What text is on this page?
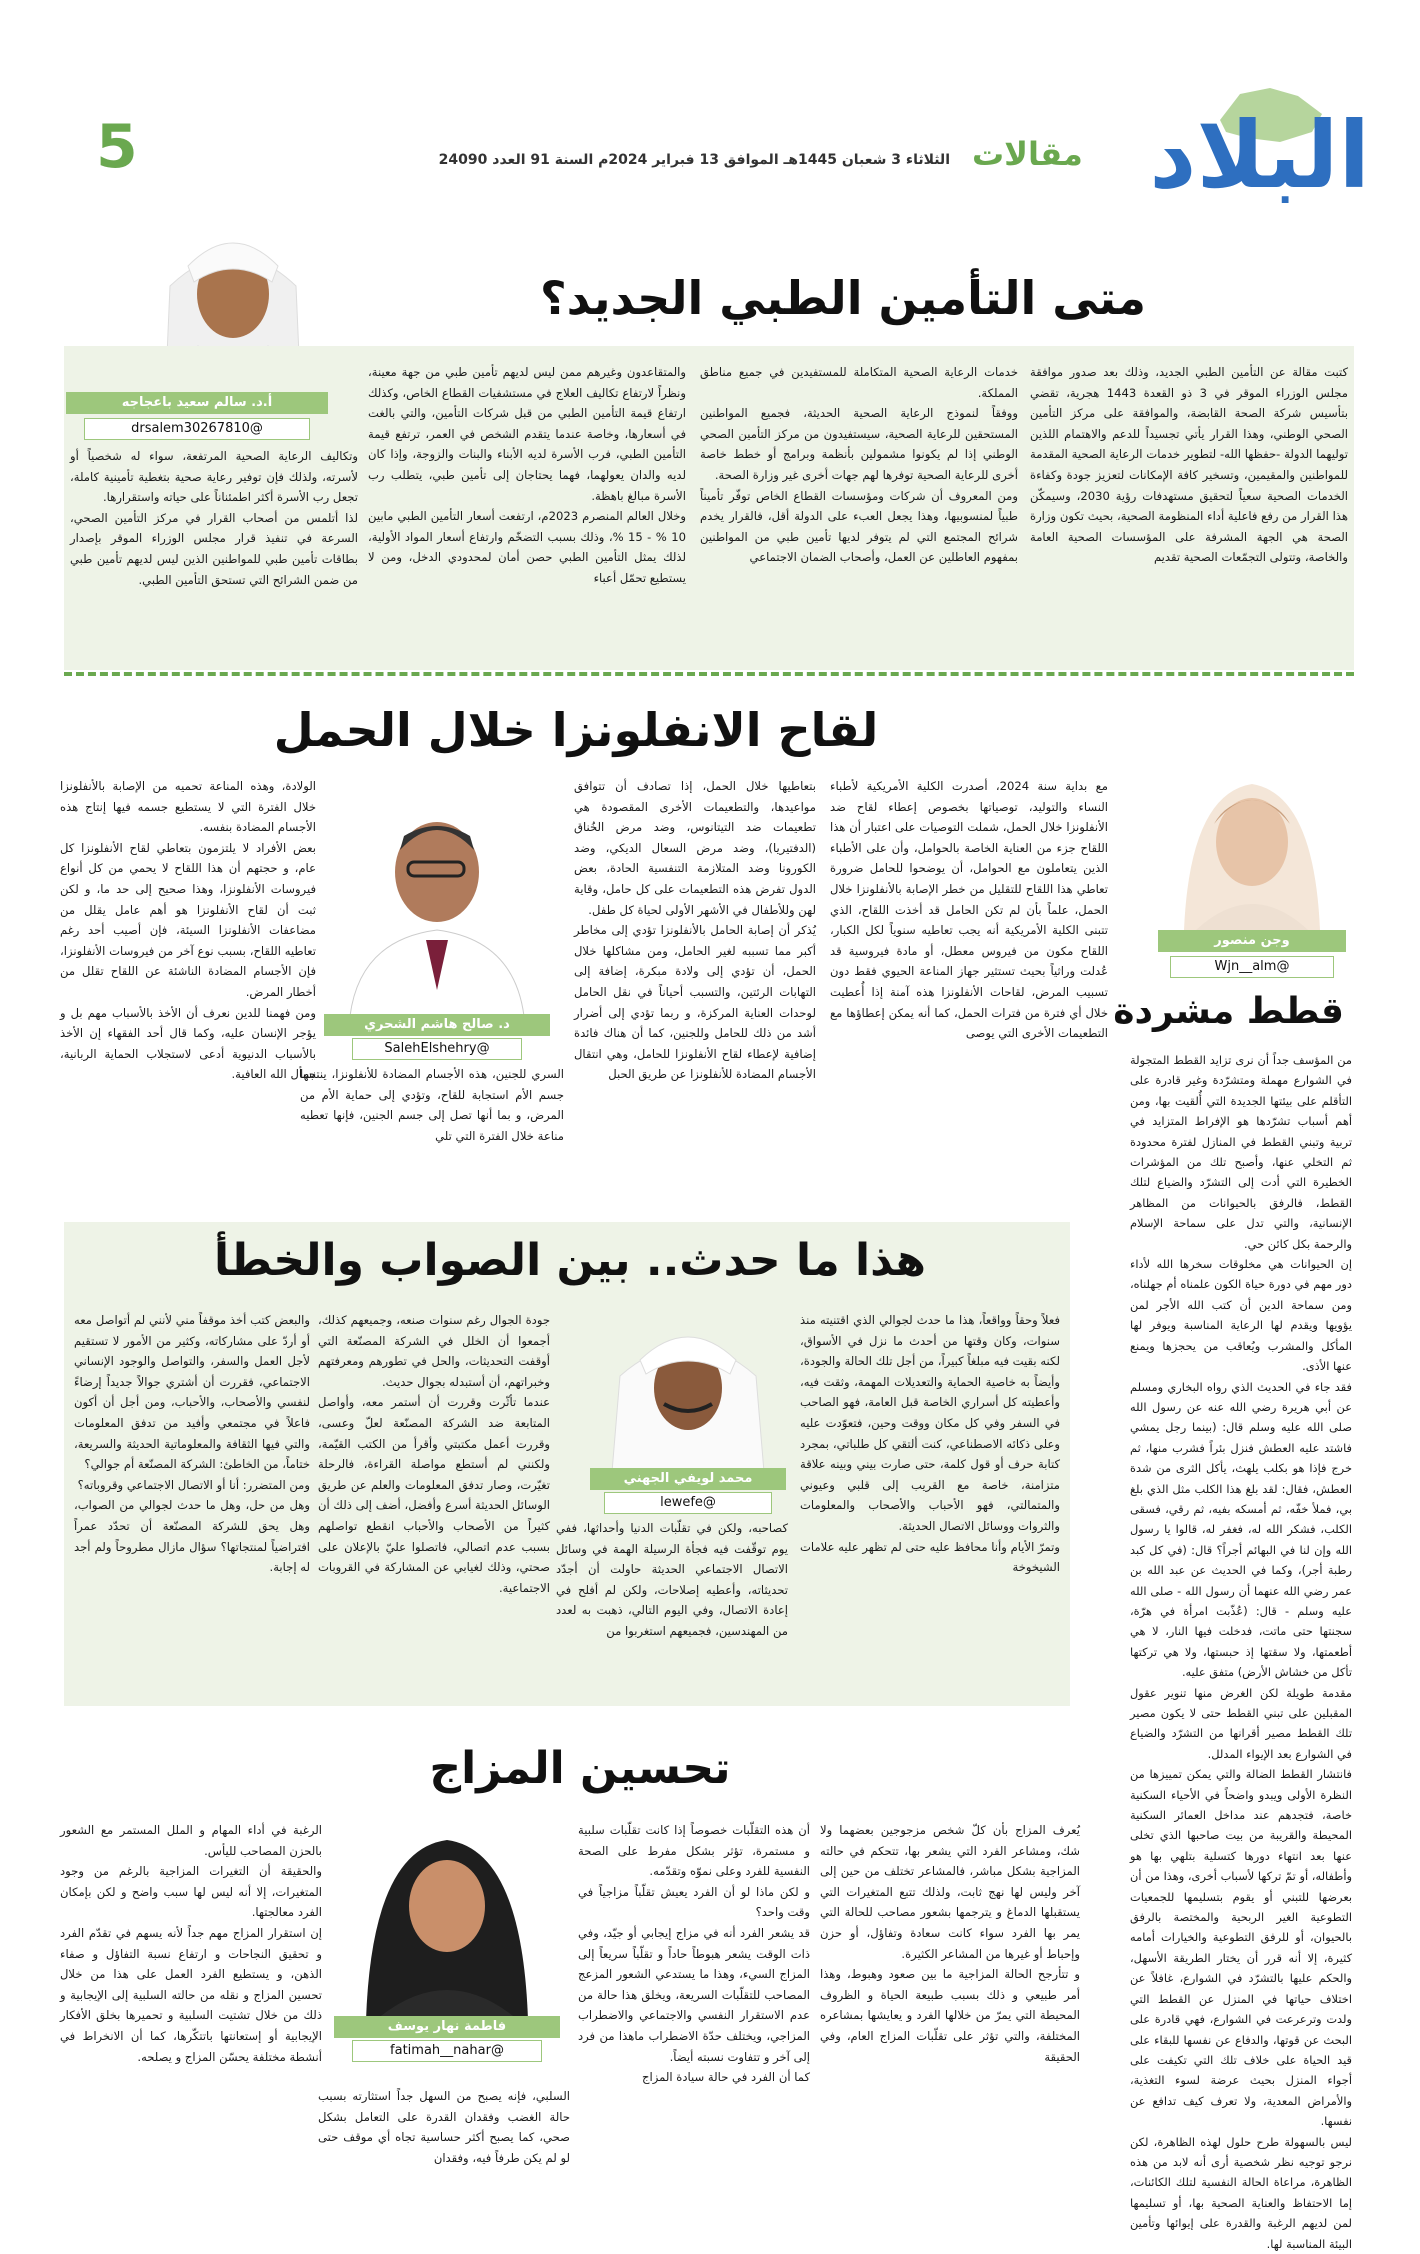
البلاد
مقالات
الثلاثاء 3 شعبان 1445هـ الموافق 13 فبراير 2024م السنة 91 العدد 24090
5
متى التأمين الطبي الجديد؟
أ.د. سالم سعيد باعجاجه
@drsalem30267810
كتبت مقالة عن التأمين الطبي الجديد، وذلك بعد صدور موافقة مجلس الوزراء الموقر في 3 ذو القعدة 1443 هجرية، تقضي بتأسيس شركة الصحة القابضة، والموافقة على مركز التأمين الصحي الوطني، وهذا القرار يأتي تجسيداً للدعم والاهتمام اللذين توليهما الدولة -حفظها الله- لتطوير خدمات الرعاية الصحية المقدمة للمواطنين والمقيمين، وتسخير كافة الإمكانات لتعزيز جودة وكفاءة الخدمات الصحية سعياً لتحقيق مستهدفات رؤية 2030، وسيمكّن هذا القرار من رفع فاعلية أداء المنظومة الصحية، بحيث تكون وزارة الصحة هي الجهة المشرفة على المؤسسات الصحية العامة والخاصة، وتتولى التجمّعات الصحية تقديم
خدمات الرعاية الصحية المتكاملة للمستفيدين في جميع مناطق المملكة.
ووفقاً لنموذج الرعاية الصحية الحديثة، فجميع المواطنين المستحقين للرعاية الصحية، سيستفيدون من مركز التأمين الصحي الوطني إذا لم يكونوا مشمولين بأنظمة وبرامج أو خطط خاصة أخرى للرعاية الصحية توفرها لهم جهات أخرى غير وزارة الصحة.
ومن المعروف أن شركات ومؤسسات القطاع الخاص توفّر تأميناً طبياً لمنسوبيها، وهذا يجعل العبء على الدولة أقل، فالقرار يخدم شرائح المجتمع التي لم يتوفر لديها تأمين طبي من المواطنين بمفهوم العاطلين عن العمل، وأصحاب الضمان الاجتماعي
والمتقاعدون وغيرهم ممن ليس لديهم تأمين طبي من جهة معينة، ونظراً لارتفاع تكاليف العلاج في مستشفيات القطاع الخاص، وكذلك ارتفاع قيمة التأمين الطبي من قبل شركات التأمين، والتي بالغت في أسعارها، وخاصة عندما يتقدم الشخص في العمر، ترتفع قيمة التأمين الطبي، فرب الأسرة لديه الأبناء والبنات والزوجة، وإذا كان لديه والدان يعولهما، فهما يحتاجان إلى تأمين طبي، يتطلب رب الأسرة مبالغ باهظة.
وخلال العالم المنصرم 2023م، ارتفعت أسعار التأمين الطبي مابين 10 % - 15 %، وذلك بسبب التضخّم وارتفاع أسعار المواد الأولية، لذلك يمثل التأمين الطبي حصن أمان لمحدودي الدخل، ومن لا يستطيع تحمّل أعباء
وتكاليف الرعاية الصحية المرتفعة، سواء له شخصياً أو لأسرته، ولذلك فإن توفير رعاية صحية بتغطية تأمينية كاملة، تجعل رب الأسرة أكثر اطمئناناً على حياته واستقرارها.
لذا أتلمس من أصحاب القرار في مركز التأمين الصحي، السرعة في تنفيذ قرار مجلس الوزراء الموقر بإصدار بطاقات تأمين طبي للمواطنين الذين ليس لديهم تأمين طبي من ضمن الشرائح التي تستحق التأمين الطبي.
وجن منصور
@Wjn__alm
قطط مشردة
من المؤسف جداً أن نرى تزايد القطط المتجولة في الشوارع مهملة ومتشرّدة وغير قادرة على التأقلم على بيئتها الجديدة التي أُلقيت بها، ومن أهم أسباب تشرّدها هو الإفراط المتزايد في تربية وتبني القطط في المنازل لفترة محدودة ثم التخلي عنها، وأصبح تلك من المؤشرات الخطيرة التي أدت إلى التشرّد والضياع لتلك القطط، فالرفق بالحيوانات من المظاهر الإنسانية، والتي تدل على سماحة الإسلام والرحمة بكل كائن حي.
إن الحيوانات هي مخلوقات سخرها الله لأداء دور مهم في دورة حياة الكون علمناه أم جهلناه، ومن سماحة الدين أن كتب الله الأجر لمن يؤويها ويقدم لها الرعاية المناسبة ويوفر لها المأكل والمشرب ويُعاقب من يحجزها ويمنع عنها الأذى.
فقد جاء في الحديث الذي رواه البخاري ومسلم عن أبي هريرة رضي الله عنه عن رسول الله صلى الله عليه وسلم قال: (بينما رجل يمشي فاشتد عليه العطش فنزل بئراً فشرب منها، ثم خرج فإذا هو بكلب يلهث، يأكل الثرى من شدة العطش، فقال: لقد بلغ هذا الكلب مثل الذي بلغ بي، فملأ خفّه، ثم أمسكه بفيه، ثم رقي، فسقى الكلب، فشكر الله له، فغفر له، قالوا يا رسول الله وإن لنا في البهائم أجراً؟ قال: (في كل كبد رطبة أجر)، وكما في الحديث عن عبد الله بن عمر رضي الله عنهما أن رسول الله - صلى الله عليه وسلم - قال: (عُذّبت امرأة في هرّة، سجنتها حتى ماتت، فدخلت فيها النار، لا هي أطعمتها، ولا سقتها إذ حبستها، ولا هي تركتها تأكل من خشاش الأرض) متفق عليه.
مقدمة طويلة لكن الغرض منها تنوير عقول المقبلين على تبني القطط حتى لا يكون مصير تلك القطط مصير أقرانها من التشرّد والضياع في الشوارع بعد الإيواء المدلل.
فانتشار القطط الضالة والتي يمكن تمييزها من النظرة الأولى ويبدو واضحاً في الأحياء السكنية خاصة، فتجدهم عند مداخل العمائر السكنية المحيطة والقريبة من بيت صاحبها الذي تخلى عنها بعد انتهاء دورها كتسلية بتلهي بها هو وأطفاله، أو تمّ تركها لأسباب أخرى، وهذا من أن بعرضها للتبني أو يقوم بتسليمها للجمعيات التطوعية الغير الربحية والمختصة بالرفق بالحيوان، أو للرفق التطوعية والخيارات أمامه كثيرة، إلا أنه قرر أن يختار الطريقة الأسهل، والحكم عليها بالتشرّد في الشوارع، غافلاً عن اختلاف حياتها في المنزل عن القطط التي ولدت وترعرعت في الشوارع، فهي قادرة على البحث عن قوتها، والدفاع عن نفسها للبقاء على قيد الحياة على خلاف تلك التي تكيفت على أجواء المنزل بحيث عرضة لسوء التغذية، والأمراض المعدية، ولا تعرف كيف تدافع عن نفسها.
ليس بالسهولة طرح حلول لهذه الظاهرة، لكن نرجو توجيه نظر شخصية أرى أنه لابد من هذه الظاهرة، مراعاة الحالة النفسية لتلك الكائنات، إما الاحتفاظ والعناية الصحية بها، أو تسليمها لمن لديهم الرغبة والقدرة على إيوائها وتأمين البيئة المناسبة لها.
لقاح الانفلونزا خلال الحمل
مع بداية سنة 2024، أصدرت الكلية الأمريكية لأطباء النساء والتوليد، توصياتها بخصوص إعطاء لقاح ضد الأنفلونزا خلال الحمل، شملت التوصيات على اعتبار أن هذا اللقاح جزء من العناية الخاصة بالحوامل، وأن على الأطباء الذين يتعاملون مع الحوامل، أن يوضحوا للحامل ضرورة تعاطي هذا اللقاح للتقليل من خطر الإصابة بالأنفلونزا خلال الحمل، علماً بأن لم تكن الحامل قد أخذت اللقاح، الذي تتبنى الكلية الأمريكية أنه يجب تعاطيه سنوياً لكل الكبار، اللقاح مكون من فيروس معطل، أو مادة فيروسية قد عُدلت وراثياً بحيث تستثير جهاز المناعة الحيوي فقط دون تسبيب المرض، لقاحات الأنفلونزا هذه آمنة إذا أُعطيت خلال أي فترة من فترات الحمل، كما أنه يمكن إعطاؤها مع التطعيمات الأخرى التي يوصى
بتعاطيها خلال الحمل، إذا تصادف أن تتوافق مواعيدها، والتطعيمات الأخرى المقصودة هي تطعيمات ضد التيتانوس، وضد مرض الخُناق (الدفتيريا)، وضد مرض السعال الديكي، وضد الكورونا وضد المتلازمة التنفسية الحادة، بعض الدول تفرض هذه التطعيمات على كل حامل، وقاية لهن وللأطفال في الأشهر الأولى لحياة كل طفل.
يُذكر أن إصابة الحامل بالأنفلونزا تؤدي إلى مخاطر أكبر مما تسببه لغير الحامل، ومن مشاكلها خلال الحمل، أن تؤدي إلى ولادة مبكرة، إضافة إلى التهابات الرئتين، والتسبب أحياناً في نقل الحامل لوحدات العناية المركزة، و ربما تؤدي إلى أضرار أشد من ذلك للحامل وللجنين، كما أن هناك فائدة إضافية لإعطاء لقاح الأنفلونزا للحامل، وهي انتقال الأجسام المضادة للأنفلونزا عن طريق الحبل
د. صالح هاشم الشحري
@SalehElshehry
السري للجنين، هذه الأجسام المضادة للأنفلونزا، ينتجها جسم الأم استجابة للقاح، وتؤدي إلى حماية الأم من المرض، و بما أنها تصل إلى جسم الجنين، فإنها تعطيه مناعة خلال الفترة التي تلي
الولادة، وهذه المناعة تحميه من الإصابة بالأنفلونزا خلال الفترة التي لا يستطيع جسمه فيها إنتاج هذه الأجسام المضادة بنفسه.
بعض الأفراد لا يلتزمون بتعاطي لقاح الأنفلونزا كل عام، و حجتهم أن هذا اللقاح لا يحمي من كل أنواع فيروسات الأنفلونزا، وهذا صحيح إلى حد ما، و لكن ثبت أن لقاح الأنفلونزا هو أهم عامل يقلل من مضاعفات الأنفلونزا السيئة، فإن أصيب أحد رغم تعاطيه اللقاح، بسبب نوع آخر من فيروسات الأنفلونزا، فإن الأجسام المضادة الناشئة عن اللقاح تقلل من أخطار المرض.
ومن فهمنا للدين نعرف أن الأخذ بالأسباب مهم بل و يؤجر الإنسان عليه، وكما قال أحد الفقهاء إن الأخذ بالأسباب الدنيوية أدعى لاستجلاب الحماية الربانية، نسأل الله العافية.
هذا ما حدث.. بين الصواب والخطأ
فعلاً وحقاً وواقعاً، هذا ما حدث لجوالي الذي اقتنيته منذ سنوات، وكان وقتها من أحدث ما نزل في الأسواق، لكنه بقيت فيه مبلغاً كبيراً، من أجل تلك الحالة والجودة، وأيضاً به خاصية الحماية والتعديلات المهمة، وثقت فيه، وأعطيته كل أسراري الخاصة قبل العامة، فهو الصاحب في السفر وفي كل مكان ووقت وحين، فتعوّدت عليه وعلى ذكائه الاصطناعي، كنت ألتقي كل طلباتي، بمجرد كتابة حرف أو قول كلمة، حتى صارت بيني وبينه علاقة متزامنة، خاصة مع القريب إلى قلبي وعيوني والمتمالتي، فهو الأحباب والأصحاب والمعلومات والثروات ووسائل الاتصال الحديثة.
وتمرّ الأيام وأنا محافظ عليه حتى لم تظهر عليه علامات الشيخوخة
محمد لويفي الجهني
@lewefe
كصاحبه، ولكن في تقلّبات الدنيا وأحداثها، ففي يوم توقّفت فيه فجأة الرسيلة الهمة في وسائل الاتصال الاجتماعي الحديثة حاولت أن أجدّد تحديثاته، وأعطيه إصلاحات، ولكن لم أفلح في إعادة الاتصال، وفي اليوم التالي، ذهبت به لعدد من المهندسين، فجميعهم استغربوا من
جودة الجوال رغم سنوات صنعه، وجميعهم كذلك، أجمعوا أن الخلل في الشركة المصنّعة التي أوقفت التحديثات، والحل في تطورهم ومعرفتهم وخبراتهم، أن أستبدله بجوال حديث.
عندما تأثّرت وقررت أن أستمر معه، وأواصل المتابعة ضد الشركة المصنّعة لعلّ وعسى، وقررت أعمل مكتبتي وأقرأ من الكتب القيّمة، ولكنني لم أستطع مواصلة القراءة، فالرحلة تغيّرت، وصار تدفق المعلومات والعلم عن طريق الوسائل الحديثة أسرع وأفضل، أضف إلى ذلك أن كثيراً من الأصحاب والأحباب انقطع تواصلهم بسبب عدم اتصالي، فاتصلوا عليّ بالإعلان على صحتي، وذلك لغيابي عن المشاركة في القروبات الاجتماعية.
والبعض كتب أخذ موقفاً مني لأنني لم أتواصل معه أو أردّ على مشاركاته، وكثير من الأمور لا تستقيم لأجل العمل والسفر، والتواصل والوجود الإنساني الاجتماعي، فقررت أن أشتري جوالاً جديداً إرضاءً لنفسي والأصحاب، والأحباب، ومن أجل أن أكون فاعلاً في مجتمعي وأفيد من تدفق المعلومات والتي فيها الثقافة والمعلوماتية الحديثة والسريعة، ختاماً، من الخاطئ: الشركة المصنّعة أم جوالي؟
ومن المتضرر: أنا أو الاتصال الاجتماعي وقروباته؟
وهل من حل، وهل ما حدث لجوالي من الصواب، وهل يحق للشركة المصنّعة أن تحدّد عمراً افتراضياً لمنتجاتها؟ سؤال مازال مطروحاً ولم أجد له إجابة.
تحسين المزاج
يُعرف المزاج بأن كلّ شخص مزجوجين بعضهما ولا شك، ومشاعر الفرد التي يشعر بها، تتحكم في حالته المزاجية بشكل مباشر، فالمشاعر تختلف من حين إلى آخر وليس لها نهج ثابت، ولذلك تتبع المتغيرات التي يستقبلها الدماغ و يترجمها بشعور مصاحب للحالة التي يمر بها الفرد سواء كانت سعادة وتفاؤل، أو حزن وإحباط أو غيرها من المشاعر الكثيرة.
و تتأرجح الحالة المزاجية ما بين صعود وهبوط، وهذا أمر طبيعي و ذلك بسبب طبيعة الحياة و الظروف المحيطة التي يمرّ من خلالها الفرد و يعايشها بمشاعره المختلفة، والتي تؤثر على تقلّبات المزاج العام، وفي الحقيقة
أن هذه التقلّبات خصوصاً إذا كانت تقلّبات سلبية و مستمرة، تؤثر بشكل مفرط على الصحة النفسية للفرد وعلى نموّه وتقدّمه.
و لكن ماذا لو أن الفرد يعيش تقلّباً مزاجياً في وقت واحد؟
قد يشعر الفرد أنه في مزاج إيجابي أو جيّد، وفي ذات الوقت يشعر هبوطاً حاداً و تقلّباً سريعاً إلى المزاج السيء، وهذا ما يستدعي الشعور المزعج المصاحب للتقلّبات السريعة، ويخلق هذا حالة من عدم الاستقرار النفسي والاجتماعي والاضطراب المزاجي، ويختلف حدّة الاضطراب ماهذا من فرد إلى آخر و تتفاوت نسبته أيضاً.
كما أن الفرد في حالة سيادة المزاج
فاطمة نهار يوسف
@fatimah__nahar
السلبي، فإنه يصبح من السهل جداً استثارته بسبب حالة الغضب وفقدان القدرة على التعامل بشكل صحي، كما يصبح أكثر حساسية تجاه أي موقف حتى لو لم يكن طرفاً فيه، وفقدان
الرغبة في أداء المهام و الملل المستمر مع الشعور بالحزن المصاحب لليأس.
والحقيقة أن التغيرات المزاجية بالرغم من وجود المتغيرات، إلا أنه ليس لها سبب واضح و لكن بإمكان الفرد معالجتها.
إن استقرار المزاج مهم جداً لأنه يسهم في تقدّم الفرد و تحقيق النجاحات و ارتفاع نسبة التفاؤل و صفاء الذهن، و يستطيع الفرد العمل على هذا من خلال تحسين المزاج و نقله من حالته السلبية إلى الإيجابية و ذلك من خلال تشتيت السلبية و تحميرها بخلق الأفكار الإيجابية أو إستعانتها باتتكّرها، كما أن الانخراط في أنشطة مختلفة يحسّن المزاج و يصلحه.
